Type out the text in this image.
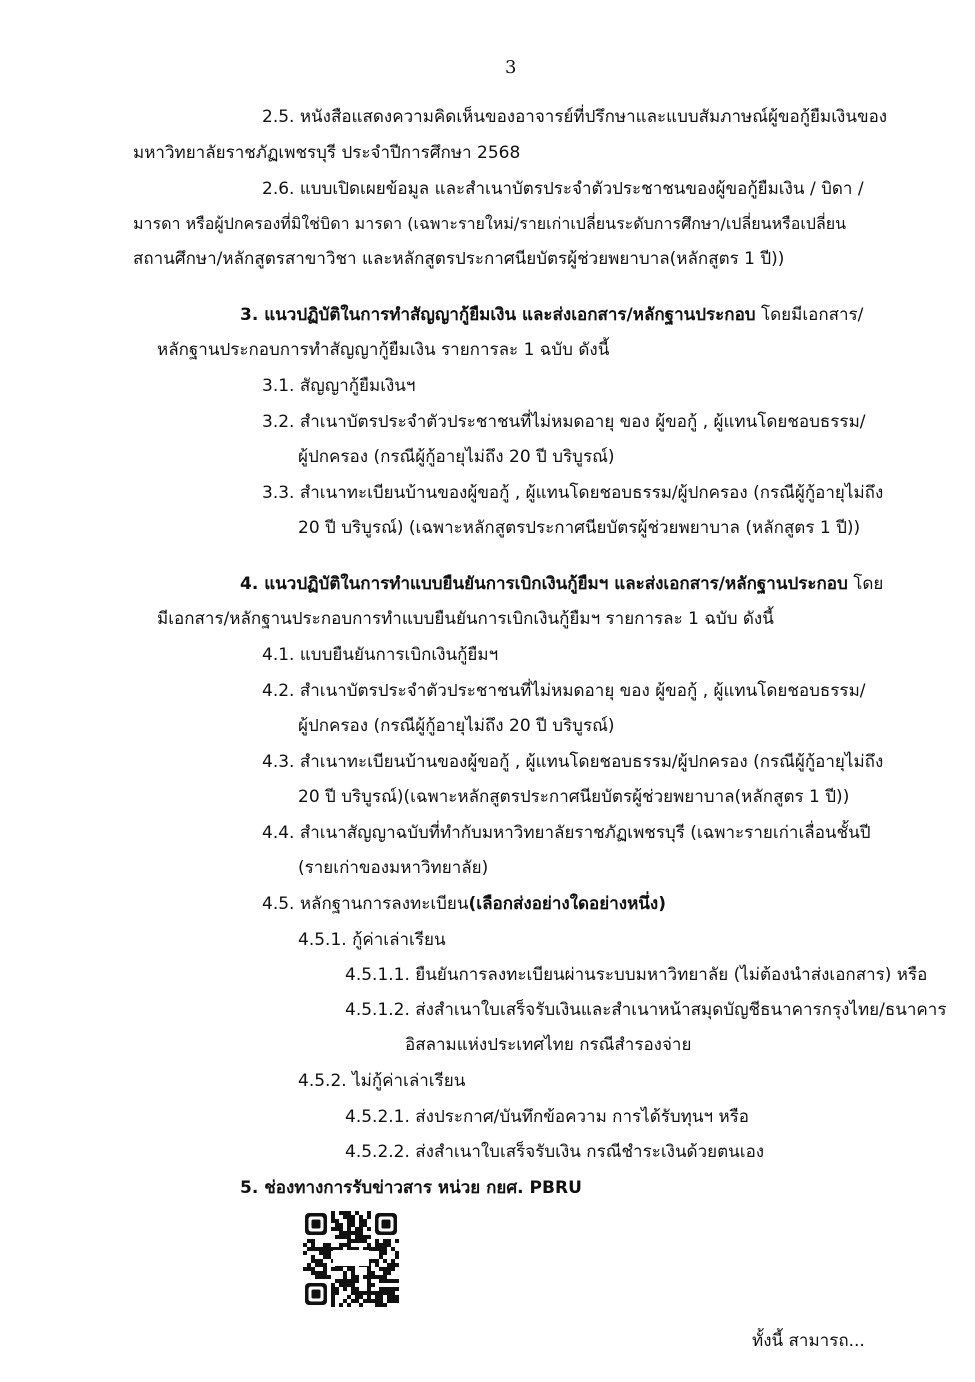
3
2.5. หนังสือแสดงความคิดเห็นของอาจารย์ที่ปรึกษาและแบบสัมภาษณ์ผู้ขอกู้ยืมเงินของ
มหาวิทยาลัยราชภัฏเพชรบุรี ประจำปีการศึกษา 2568
2.6. แบบเปิดเผยข้อมูล และสำเนาบัตรประจำตัวประชาชนของผู้ขอกู้ยืมเงิน / บิดา /
มารดา หรือผู้ปกครองที่มิใช่บิดา มารดา (เฉพาะรายใหม่/รายเก่าเปลี่ยนระดับการศึกษา/เปลี่ยนหรือเปลี่ยน
สถานศึกษา/หลักสูตรสาขาวิชา และหลักสูตรประกาศนียบัตรผู้ช่วยพยาบาล(หลักสูตร 1 ปี))
3. แนวปฏิบัติในการทำสัญญากู้ยืมเงิน และส่งเอกสาร/หลักฐานประกอบ โดยมีเอกสาร/
หลักฐานประกอบการทำสัญญากู้ยืมเงิน รายการละ 1 ฉบับ ดังนี้
3.1. สัญญากู้ยืมเงินฯ
3.2. สำเนาบัตรประจำตัวประชาชนที่ไม่หมดอายุ ของ ผู้ขอกู้ , ผู้แทนโดยชอบธรรม/
ผู้ปกครอง (กรณีผู้กู้อายุไม่ถึง 20 ปี บริบูรณ์)
3.3. สำเนาทะเบียนบ้านของผู้ขอกู้ , ผู้แทนโดยชอบธรรม/ผู้ปกครอง (กรณีผู้กู้อายุไม่ถึง
20 ปี บริบูรณ์) (เฉพาะหลักสูตรประกาศนียบัตรผู้ช่วยพยาบาล (หลักสูตร 1 ปี))
4. แนวปฏิบัติในการทำแบบยืนยันการเบิกเงินกู้ยืมฯ และส่งเอกสาร/หลักฐานประกอบ โดย
มีเอกสาร/หลักฐานประกอบการทำแบบยืนยันการเบิกเงินกู้ยืมฯ รายการละ 1 ฉบับ ดังนี้
4.1. แบบยืนยันการเบิกเงินกู้ยืมฯ
4.2. สำเนาบัตรประจำตัวประชาชนที่ไม่หมดอายุ ของ ผู้ขอกู้ , ผู้แทนโดยชอบธรรม/
ผู้ปกครอง (กรณีผู้กู้อายุไม่ถึง 20 ปี บริบูรณ์)
4.3. สำเนาทะเบียนบ้านของผู้ขอกู้ , ผู้แทนโดยชอบธรรม/ผู้ปกครอง (กรณีผู้กู้อายุไม่ถึง
20 ปี บริบูรณ์)(เฉพาะหลักสูตรประกาศนียบัตรผู้ช่วยพยาบาล(หลักสูตร 1 ปี))
4.4. สำเนาสัญญาฉบับที่ทำกับมหาวิทยาลัยราชภัฏเพชรบุรี (เฉพาะรายเก่าเลื่อนชั้นปี
(รายเก่าของมหาวิทยาลัย)
4.5. หลักฐานการลงทะเบียน(เลือกส่งอย่างใดอย่างหนึ่ง)
4.5.1. กู้ค่าเล่าเรียน
4.5.1.1. ยืนยันการลงทะเบียนผ่านระบบมหาวิทยาลัย (ไม่ต้องนำส่งเอกสาร) หรือ
4.5.1.2. ส่งสำเนาใบเสร็จรับเงินและสำเนาหน้าสมุดบัญชีธนาคารกรุงไทย/ธนาคาร
อิสลามแห่งประเทศไทย กรณีสำรองจ่าย
4.5.2. ไม่กู้ค่าเล่าเรียน
4.5.2.1. ส่งประกาศ/บันทึกข้อความ การได้รับทุนฯ หรือ
4.5.2.2. ส่งสำเนาใบเสร็จรับเงิน กรณีชำระเงินด้วยตนเอง
5. ช่องทางการรับข่าวสาร หน่วย กยศ. PBRU
ทั้งนี้ สามารถ...
